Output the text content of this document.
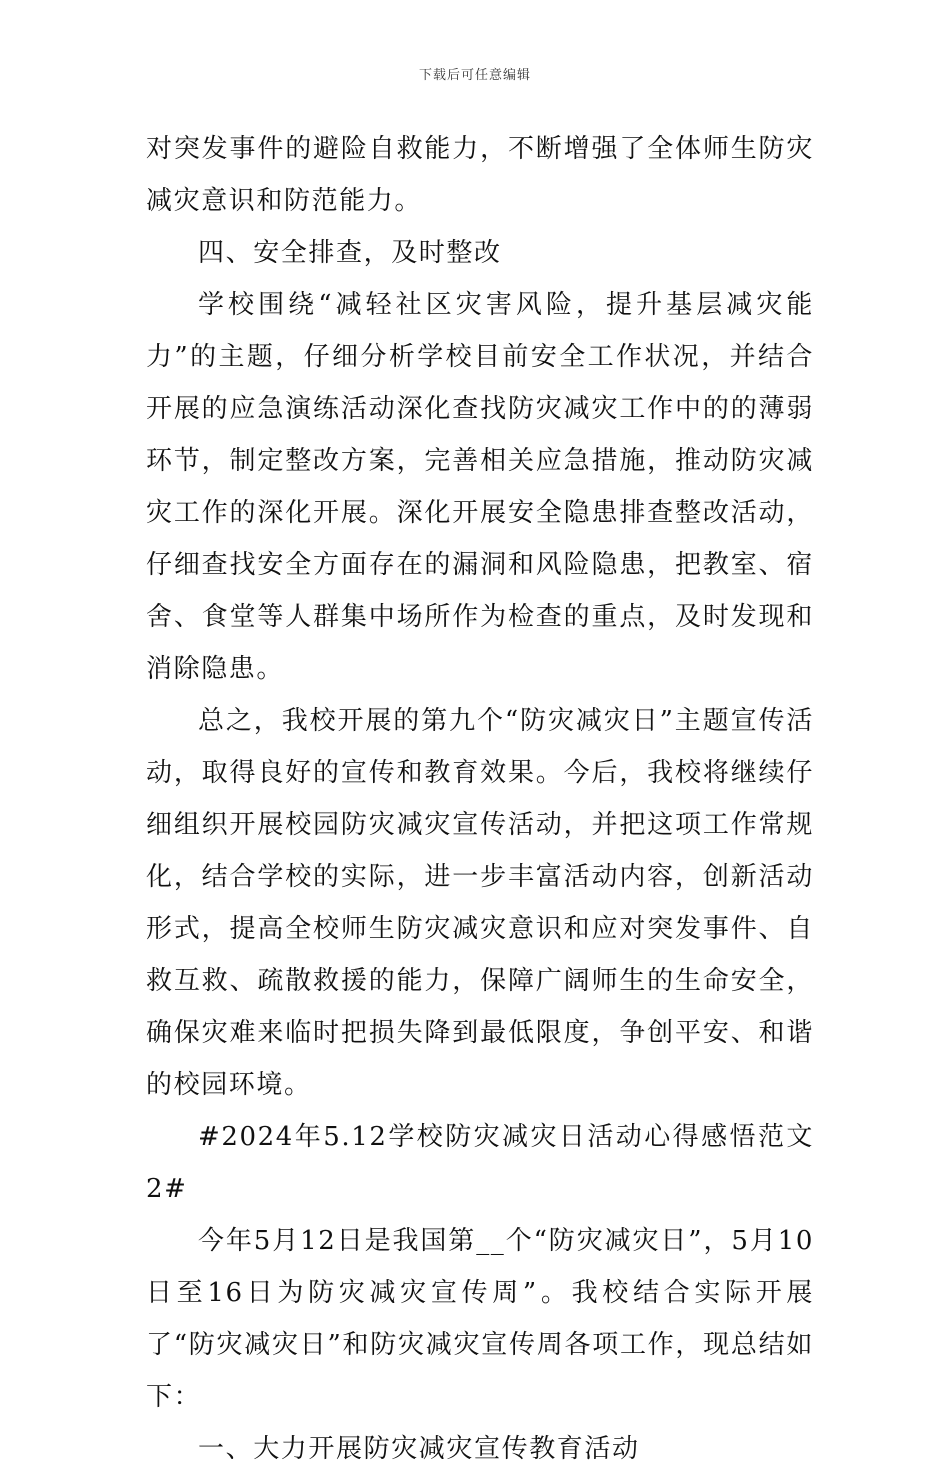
下载后可任意编辑

对突发事件的避险自救能力，不断增强了全体师生防灾减灾意识和防范能力。

四、安全排查，及时整改

学校围绕“减轻社区灾害风险，提升基层减灾能力”的主题，仔细分析学校目前安全工作状况，并结合开展的应急演练活动深化查找防灾减灾工作中的的薄弱环节，制定整改方案，完善相关应急措施，推动防灾减灾工作的深化开展。深化开展安全隐患排查整改活动，仔细查找安全方面存在的漏洞和风险隐患，把教室、宿舍、食堂等人群集中场所作为检查的重点，及时发现和消除隐患。

总之，我校开展的第九个“防灾减灾日”主题宣传活动，取得良好的宣传和教育效果。今后，我校将继续仔细组织开展校园防灾减灾宣传活动，并把这项工作常规化，结合学校的实际，进一步丰富活动内容，创新活动形式，提高全校师生防灾减灾意识和应对突发事件、自救互救、疏散救援的能力，保障广阔师生的生命安全，确保灾难来临时把损失降到最低限度，争创平安、和谐的校园环境。

#2024年5.12学校防灾减灾日活动心得感悟范文2#

今年5月12日是我国第__个“防灾减灾日”，5月10日至16日为防灾减灾宣传周”。我校结合实际开展了“防灾减灾日”和防灾减灾宣传周各项工作，现总结如下：

一、大力开展防灾减灾宣传教育活动
